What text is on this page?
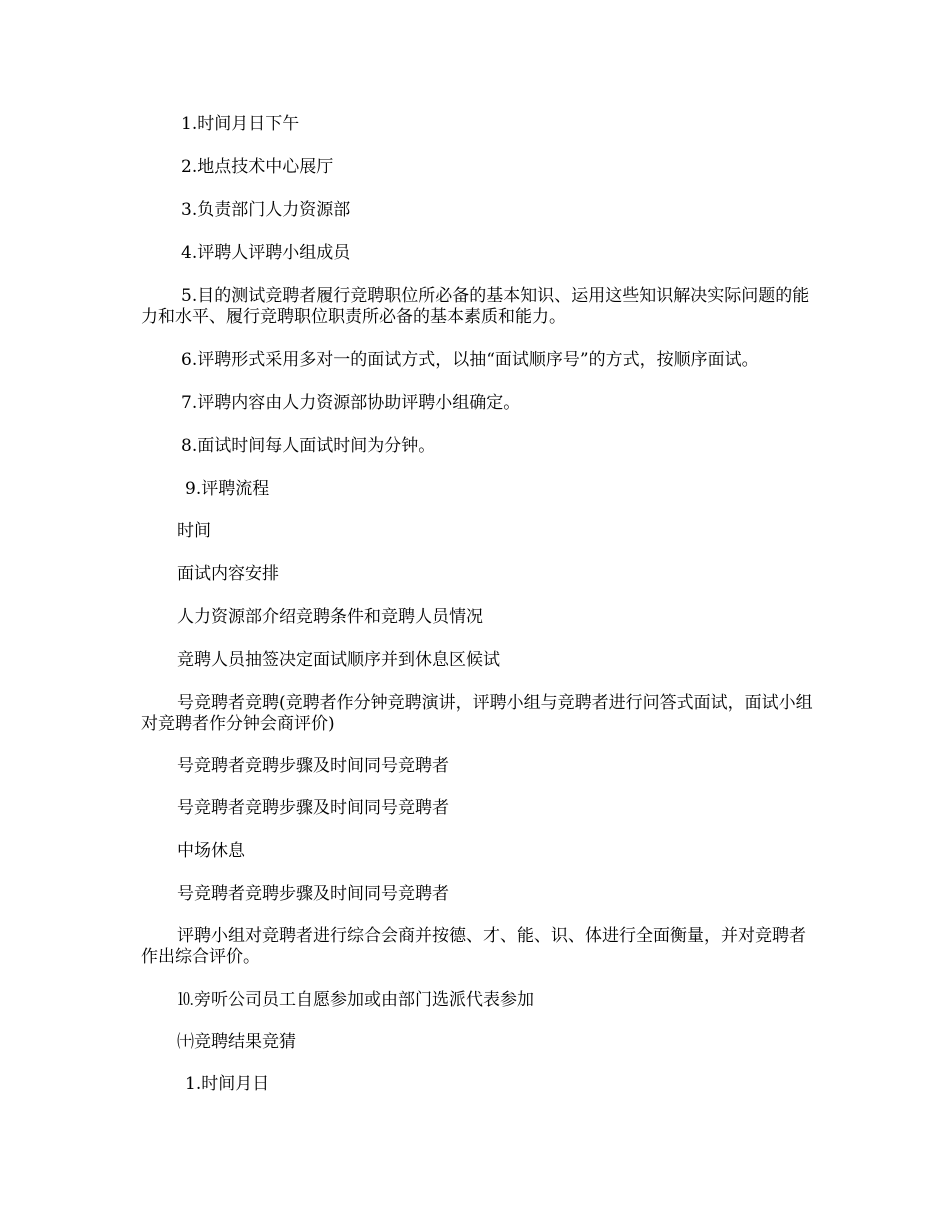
1.时间月日下午

2.地点技术中心展厅

3.负责部门人力资源部

4.评聘人评聘小组成员

5.目的测试竞聘者履行竞聘职位所必备的基本知识、运用这些知识解决实际问题的能力和水平、履行竞聘职位职责所必备的基本素质和能力。

6.评聘形式采用多对一的面试方式，以抽“面试顺序号”的方式，按顺序面试。

7.评聘内容由人力资源部协助评聘小组确定。

8.面试时间每人面试时间为分钟。

9.评聘流程

时间

面试内容安排

人力资源部介绍竞聘条件和竞聘人员情况

竞聘人员抽签决定面试顺序并到休息区候试

号竞聘者竞聘(竞聘者作分钟竞聘演讲，评聘小组与竞聘者进行问答式面试，面试小组对竞聘者作分钟会商评价)

号竞聘者竞聘步骤及时间同号竞聘者

号竞聘者竞聘步骤及时间同号竞聘者

中场休息

号竞聘者竞聘步骤及时间同号竞聘者

评聘小组对竞聘者进行综合会商并按德、才、能、识、体进行全面衡量，并对竞聘者作出综合评价。

⒑旁听公司员工自愿参加或由部门选派代表参加

㈩竞聘结果竞猜

1.时间月日
